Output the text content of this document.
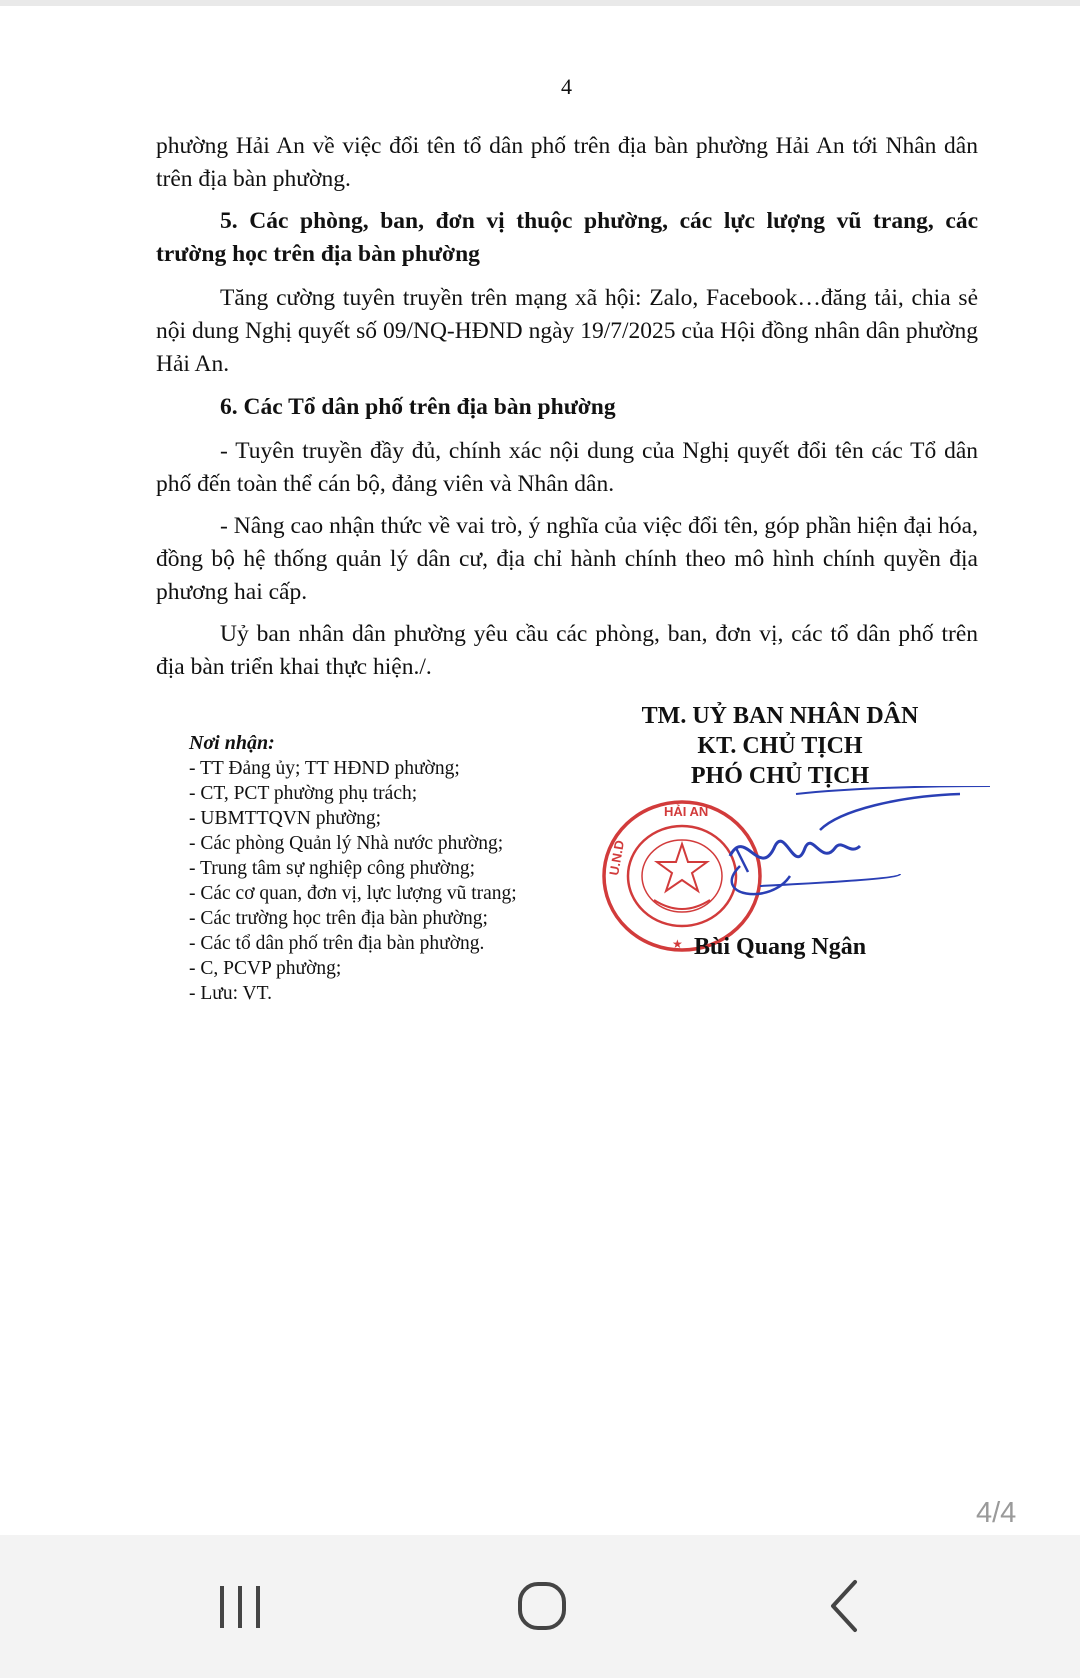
4

phường Hải An về việc đổi tên tổ dân phố trên địa bàn phường Hải An tới Nhân dân trên địa bàn phường.

5. Các phòng, ban, đơn vị thuộc phường, các lực lượng vũ trang, các trường học trên địa bàn phường

Tăng cường tuyên truyền trên mạng xã hội: Zalo, Facebook…đăng tải, chia sẻ nội dung Nghị quyết số 09/NQ-HĐND ngày 19/7/2025 của Hội đồng nhân dân phường Hải An.

6. Các Tổ dân phố trên địa bàn phường

- Tuyên truyền đầy đủ, chính xác nội dung của Nghị quyết đổi tên các Tổ dân phố đến toàn thể cán bộ, đảng viên và Nhân dân.

- Nâng cao nhận thức về vai trò, ý nghĩa của việc đổi tên, góp phần hiện đại hóa, đồng bộ hệ thống quản lý dân cư, địa chỉ hành chính theo mô hình chính quyền địa phương hai cấp.

Uỷ ban nhân dân phường yêu cầu các phòng, ban, đơn vị, các tổ dân phố trên địa bàn triển khai thực hiện./.

Nơi nhận:
- TT Đảng ủy; TT HĐND phường;
- CT, PCT phường phụ trách;
- UBMTTQVN phường;
- Các phòng Quản lý Nhà nước phường;
- Trung tâm sự nghiệp công phường;
- Các cơ quan, đơn vị, lực lượng vũ trang;
- Các trường học trên địa bàn phường;
- Các tổ dân phố trên địa bàn phường.
- C, PCVP phường;
- Lưu: VT.
TM. UỶ BAN NHÂN DÂN
KT. CHỦ TỊCH
PHÓ CHỦ TỊCH
U.N.D
HẢI AN
★ Bùi Quang Ngân
4/4
